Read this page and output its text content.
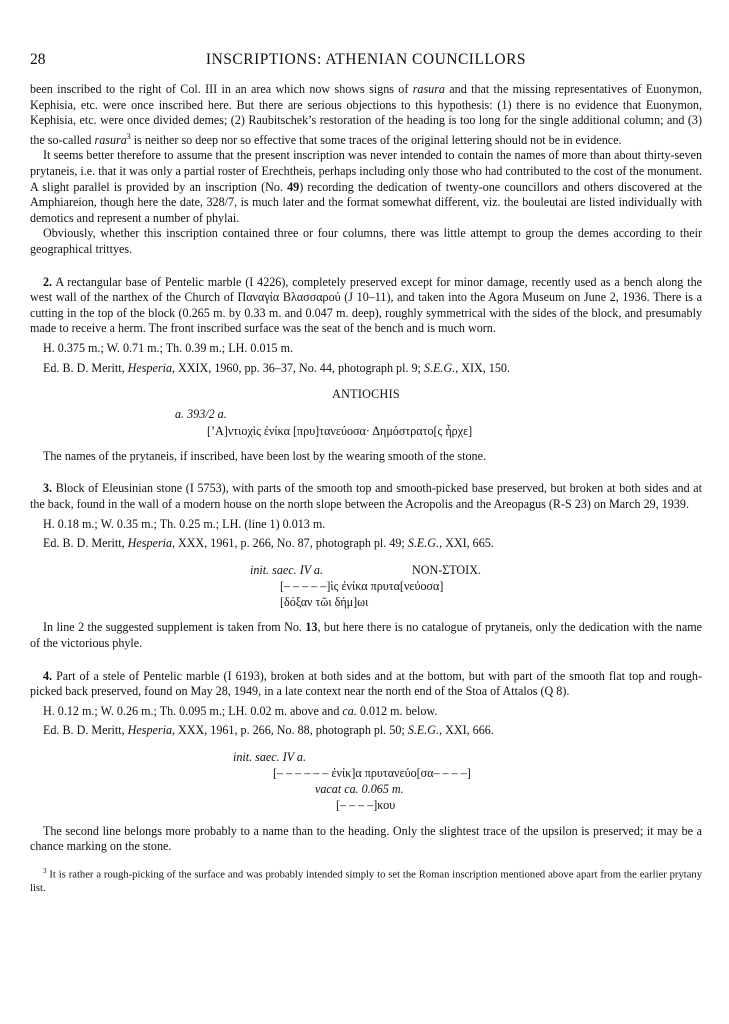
28	INSCRIPTIONS: ATHENIAN COUNCILLORS

been inscribed to the right of Col. III in an area which now shows signs of rasura and that the missing representatives of Euonymon, Kephisia, etc. were once inscribed here. But there are serious objections to this hypothesis: (1) there is no evidence that Euonymon, Kephisia, etc. were once divided demes; (2) Raubitschek’s restoration of the heading is too long for the single additional column; and (3) the so-called rasura$^3$ is neither so deep nor so effective that some traces of the original lettering should not be in evidence.

It seems better therefore to assume that the present inscription was never intended to contain the names of more than about thirty-seven prytaneis, i.e. that it was only a partial roster of Erechtheis, perhaps including only those who had contributed to the cost of the monument. A slight parallel is provided by an inscription (No. 49) recording the dedication of twenty-one councillors and others discovered at the Amphiareion, though here the date, 328/7, is much later and the format somewhat different, viz. the bouleutai are listed individually with demotics and represent a number of phylai.

Obviously, whether this inscription contained three or four columns, there was little attempt to group the demes according to their geographical trittyes.

2. A rectangular base of Pentelic marble (I 4226), completely preserved except for minor damage, recently used as a bench along the west wall of the narthex of the Church of Παναγία Βλασσαρού (J 10–11), and taken into the Agora Museum on June 2, 1936. There is a cutting in the top of the block (0.265 m. by 0.33 m. and 0.047 m. deep), roughly symmetrical with the sides of the block, and presumably made to receive a herm. The front inscribed surface was the seat of the bench and is much worn.

H. 0.375 m.; W. 0.71 m.; Th. 0.39 m.; LH. 0.015 m.
Ed. B. D. Meritt, Hesperia, XXIX, 1960, pp. 36–37, No. 44, photograph pl. 9; S.E.G., XIX, 150.
ANTIOCHIS
a. 393/2 a.
[’Α]ντιοχὶς ἐνίκα [πρυ]τανεύοσα· Δημόστρατο[ς ἦρχε]

The names of the prytaneis, if inscribed, have been lost by the wearing smooth of the stone.

3. Block of Eleusinian stone (I 5753), with parts of the smooth top and smooth-picked base preserved, but broken at both sides and at the back, found in the wall of a modern house on the north slope between the Acropolis and the Areopagus (R-S 23) on March 29, 1939.

H. 0.18 m.; W. 0.35 m.; Th. 0.25 m.; LH. (line 1) 0.013 m.
Ed. B. D. Meritt, Hesperia, XXX, 1961, p. 266, No. 87, photograph pl. 49; S.E.G., XXI, 665.
init. saec. IV a.	NON-ΣΤΟΙΧ.
[– – – – –]ὶς ἐνίκα πρυτα[νεύοσα]
[δόξαν τῶι δήμ]ωι

In line 2 the suggested supplement is taken from No. 13, but here there is no catalogue of prytaneis, only the dedication with the name of the victorious phyle.

4. Part of a stele of Pentelic marble (I 6193), broken at both sides and at the bottom, but with part of the smooth flat top and rough-picked back preserved, found on May 28, 1949, in a late context near the north end of the Stoa of Attalos (Q 8).

H. 0.12 m.; W. 0.26 m.; Th. 0.095 m.; LH. 0.02 m. above and ca. 0.012 m. below.
Ed. B. D. Meritt, Hesperia, XXX, 1961, p. 266, No. 88, photograph pl. 50; S.E.G., XXI, 666.
init. saec. IV a.
[– – – – – – ἐνίκ]α πρυτανεύο[σα– – – –]
vacat ca. 0.065 m.
[– – – –]κου

The second line belongs more probably to a name than to the heading. Only the slightest trace of the upsilon is preserved; it may be a chance marking on the stone.

$^3$ It is rather a rough-picking of the surface and was probably intended simply to set the Roman inscription mentioned above apart from the earlier prytany list.
